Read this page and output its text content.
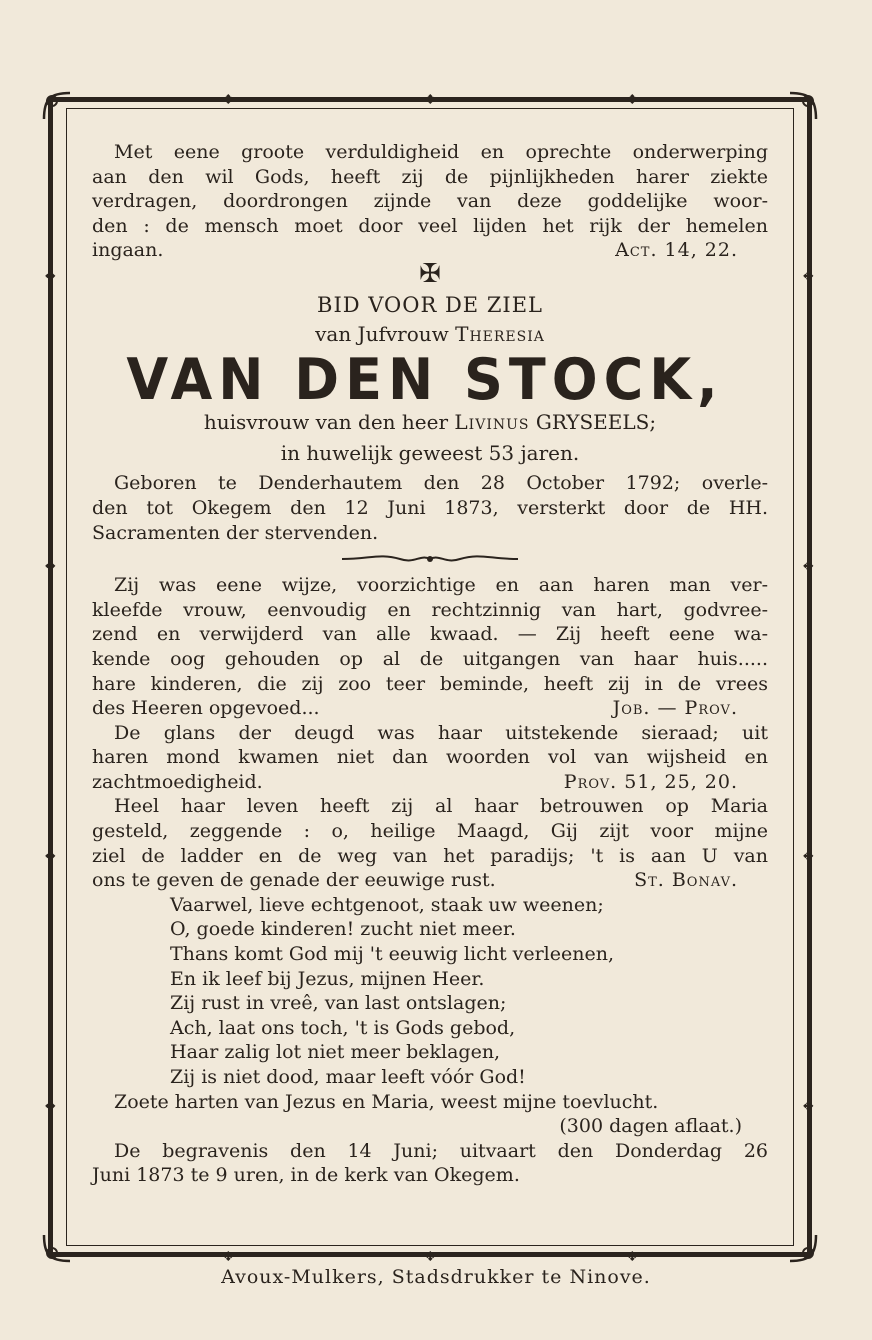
❖	❖	❖
❖	❖	❖
❖
❖
❖
❖
❖
❖
❖
❖
Met eene groote verduldigheid en oprechte onderwerping
aan den wil Gods, heeft zij de pijnlijkheden harer ziekte
verdragen, doordrongen zijnde van deze goddelijke woor-
den : de mensch moet door veel lijden het rijk der hemelen
ingaan.	Act. 14, 22.
✠
BID VOOR DE ZIEL
van Jufvrouw Theresia
VAN DEN STOCK,
huisvrouw van den heer Livinus GRYSEELS;
in huwelijk geweest 53 jaren.
Geboren te Denderhautem den 28 October 1792; overle-
den tot Okegem den 12 Juni 1873, versterkt door de HH.
Sacramenten der stervenden.
Zij was eene wijze, voorzichtige en aan haren man ver-
kleefde vrouw, eenvoudig en rechtzinnig van hart, godvree-
zend en verwijderd van alle kwaad. — Zij heeft eene wa-
kende oog gehouden op al de uitgangen van haar huis.....
hare kinderen, die zij zoo teer beminde, heeft zij in de vrees
des Heeren opgevoed...	Job. — Prov.
De glans der deugd was haar uitstekende sieraad; uit
haren mond kwamen niet dan woorden vol van wijsheid en
zachtmoedigheid.	Prov. 51, 25, 20.
Heel haar leven heeft zij al haar betrouwen op Maria
gesteld, zeggende : o, heilige Maagd, Gij zijt voor mijne
ziel de ladder en de weg van het paradijs; 't is aan U van
ons te geven de genade der eeuwige rust.	St. Bonav.
Vaarwel, lieve echtgenoot, staak uw weenen;
O, goede kinderen! zucht niet meer.
Thans komt God mij 't eeuwig licht verleenen,
En ik leef bij Jezus, mijnen Heer.
Zij rust in vreê, van last ontslagen;
Ach, laat ons toch, 't is Gods gebod,
Haar zalig lot niet meer beklagen,
Zij is niet dood, maar leeft vóór God!
Zoete harten van Jezus en Maria, weest mijne toevlucht.
(300 dagen aflaat.)
De begravenis den 14 Juni; uitvaart den Donderdag 26
Juni 1873 te 9 uren, in de kerk van Okegem.
Avoux-Mulkers, Stadsdrukker te Ninove.
